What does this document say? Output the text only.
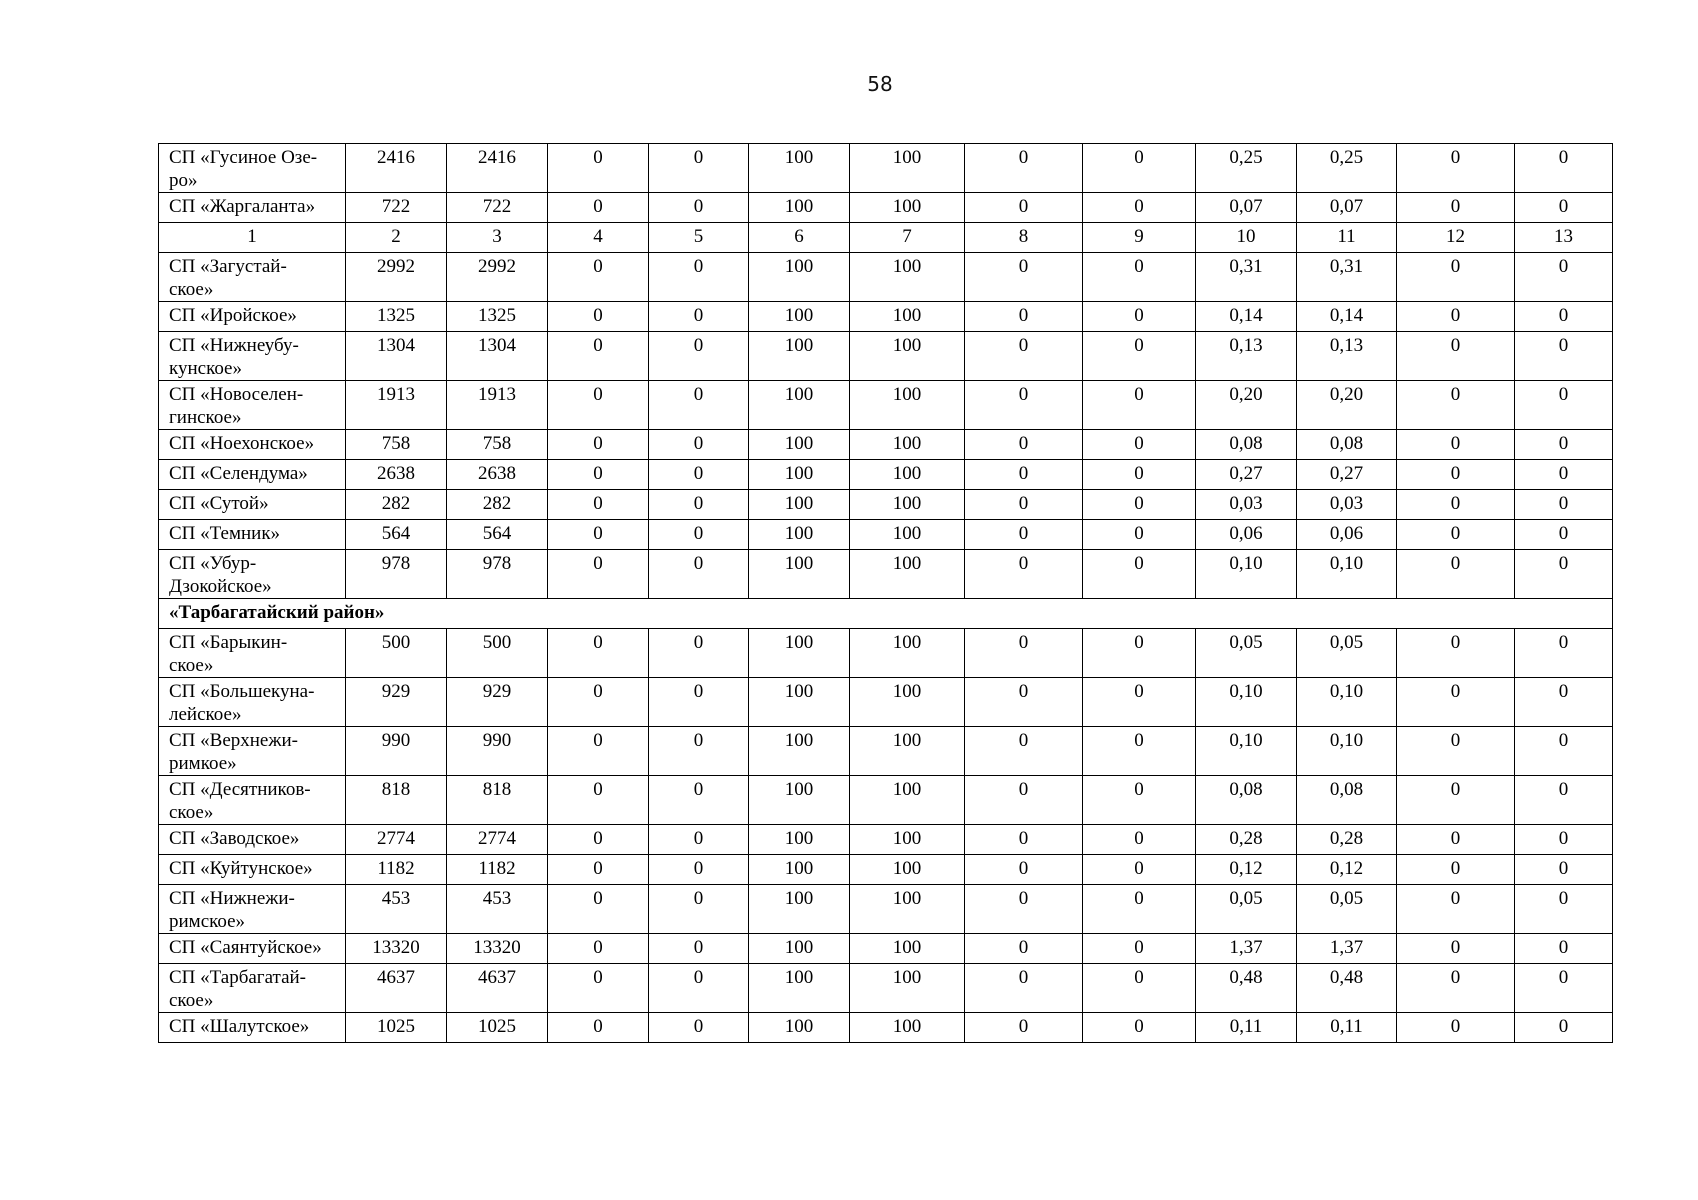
58
СП «Гусиное Озе-
ро»	2416	2416	0	0	100	100	0	0	0,25	0,25	0	0
СП «Жаргаланта»	722	722	0	0	100	100	0	0	0,07	0,07	0	0
1	2	3	4	5	6	7	8	9	10	11	12	13
СП «Загустай-
ское»	2992	2992	0	0	100	100	0	0	0,31	0,31	0	0
СП «Иройское»	1325	1325	0	0	100	100	0	0	0,14	0,14	0	0
СП «Нижнеубу-
кунское»	1304	1304	0	0	100	100	0	0	0,13	0,13	0	0
СП «Новоселен-
гинское»	1913	1913	0	0	100	100	0	0	0,20	0,20	0	0
СП «Ноехонское»	758	758	0	0	100	100	0	0	0,08	0,08	0	0
СП «Селендума»	2638	2638	0	0	100	100	0	0	0,27	0,27	0	0
СП «Сутой»	282	282	0	0	100	100	0	0	0,03	0,03	0	0
СП «Темник»	564	564	0	0	100	100	0	0	0,06	0,06	0	0
СП «Убур-
Дзокойское»	978	978	0	0	100	100	0	0	0,10	0,10	0	0
«Тарбагатайский район»												
СП «Барыкин-
ское»	500	500	0	0	100	100	0	0	0,05	0,05	0	0
СП «Большекуна-
лейское»	929	929	0	0	100	100	0	0	0,10	0,10	0	0
СП «Верхнежи-
римкое»	990	990	0	0	100	100	0	0	0,10	0,10	0	0
СП «Десятников-
ское»	818	818	0	0	100	100	0	0	0,08	0,08	0	0
СП «Заводское»	2774	2774	0	0	100	100	0	0	0,28	0,28	0	0
СП «Куйтунское»	1182	1182	0	0	100	100	0	0	0,12	0,12	0	0
СП «Нижнежи-
римское»	453	453	0	0	100	100	0	0	0,05	0,05	0	0
СП «Саянтуйское»	13320	13320	0	0	100	100	0	0	1,37	1,37	0	0
СП «Тарбагатай-
ское»	4637	4637	0	0	100	100	0	0	0,48	0,48	0	0
СП «Шалутское»	1025	1025	0	0	100	100	0	0	0,11	0,11	0	0
